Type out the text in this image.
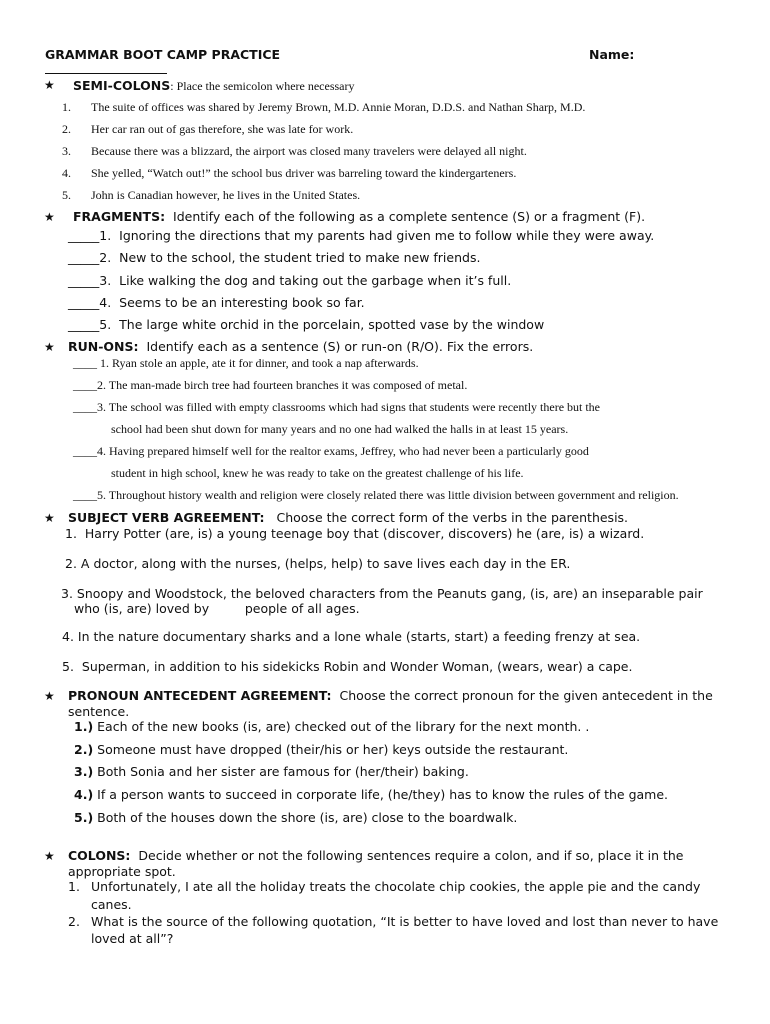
GRAMMAR BOOT CAMP PRACTICE	Name:
★ SEMI-COLONS: Place the semicolon where necessary
1. The suite of offices was shared by Jeremy Brown, M.D. Annie Moran, D.D.S. and Nathan Sharp, M.D.
2. Her car ran out of gas therefore, she was late for work.
3. Because there was a blizzard, the airport was closed many travelers were delayed all night.
4. She yelled, “Watch out!” the school bus driver was barreling toward the kindergarteners.
5. John is Canadian however, he lives in the United States.
★ FRAGMENTS: Identify each of the following as a complete sentence (S) or a fragment (F).
_____1. Ignoring the directions that my parents had given me to follow while they were away.
_____2. New to the school, the student tried to make new friends.
_____3. Like walking the dog and taking out the garbage when it’s full.
_____4. Seems to be an interesting book so far.
_____5. The large white orchid in the porcelain, spotted vase by the window
★ RUN-ONS: Identify each as a sentence (S) or run-on (R/O). Fix the errors.
____ 1. Ryan stole an apple, ate it for dinner, and took a nap afterwards.
____2. The man-made birch tree had fourteen branches it was composed of metal.
____3. The school was filled with empty classrooms which had signs that students were recently there but the
school had been shut down for many years and no one had walked the halls in at least 15 years.
____4. Having prepared himself well for the realtor exams, Jeffrey, who had never been a particularly good
student in high school, knew he was ready to take on the greatest challenge of his life.
____5. Throughout history wealth and religion were closely related there was little division between government and religion.
★ SUBJECT VERB AGREEMENT: Choose the correct form of the verbs in the parenthesis.
1. Harry Potter (are, is) a young teenage boy that (discover, discovers) he (are, is) a wizard.
2. A doctor, along with the nurses, (helps, help) to save lives each day in the ER.
3. Snoopy and Woodstock, the beloved characters from the Peanuts gang, (is, are) an inseparable pair
who (is, are) loved by         people of all ages.
4. In the nature documentary sharks and a lone whale (starts, start) a feeding frenzy at sea.
5. Superman, in addition to his sidekicks Robin and Wonder Woman, (wears, wear) a cape.
★ PRONOUN ANTECEDENT AGREEMENT: Choose the correct pronoun for the given antecedent in the
sentence.
1.) Each of the new books (is, are) checked out of the library for the next month. .
2.) Someone must have dropped (their/his or her) keys outside the restaurant.
3.) Both Sonia and her sister are famous for (her/their) baking.
4.) If a person wants to succeed in corporate life, (he/they) has to know the rules of the game.
5.) Both of the houses down the shore (is, are) close to the boardwalk.
★ COLONS: Decide whether or not the following sentences require a colon, and if so, place it in the
appropriate spot.
1. Unfortunately, I ate all the holiday treats the chocolate chip cookies, the apple pie and the candy
canes.
2. What is the source of the following quotation, “It is better to have loved and lost than never to have
loved at all”?
